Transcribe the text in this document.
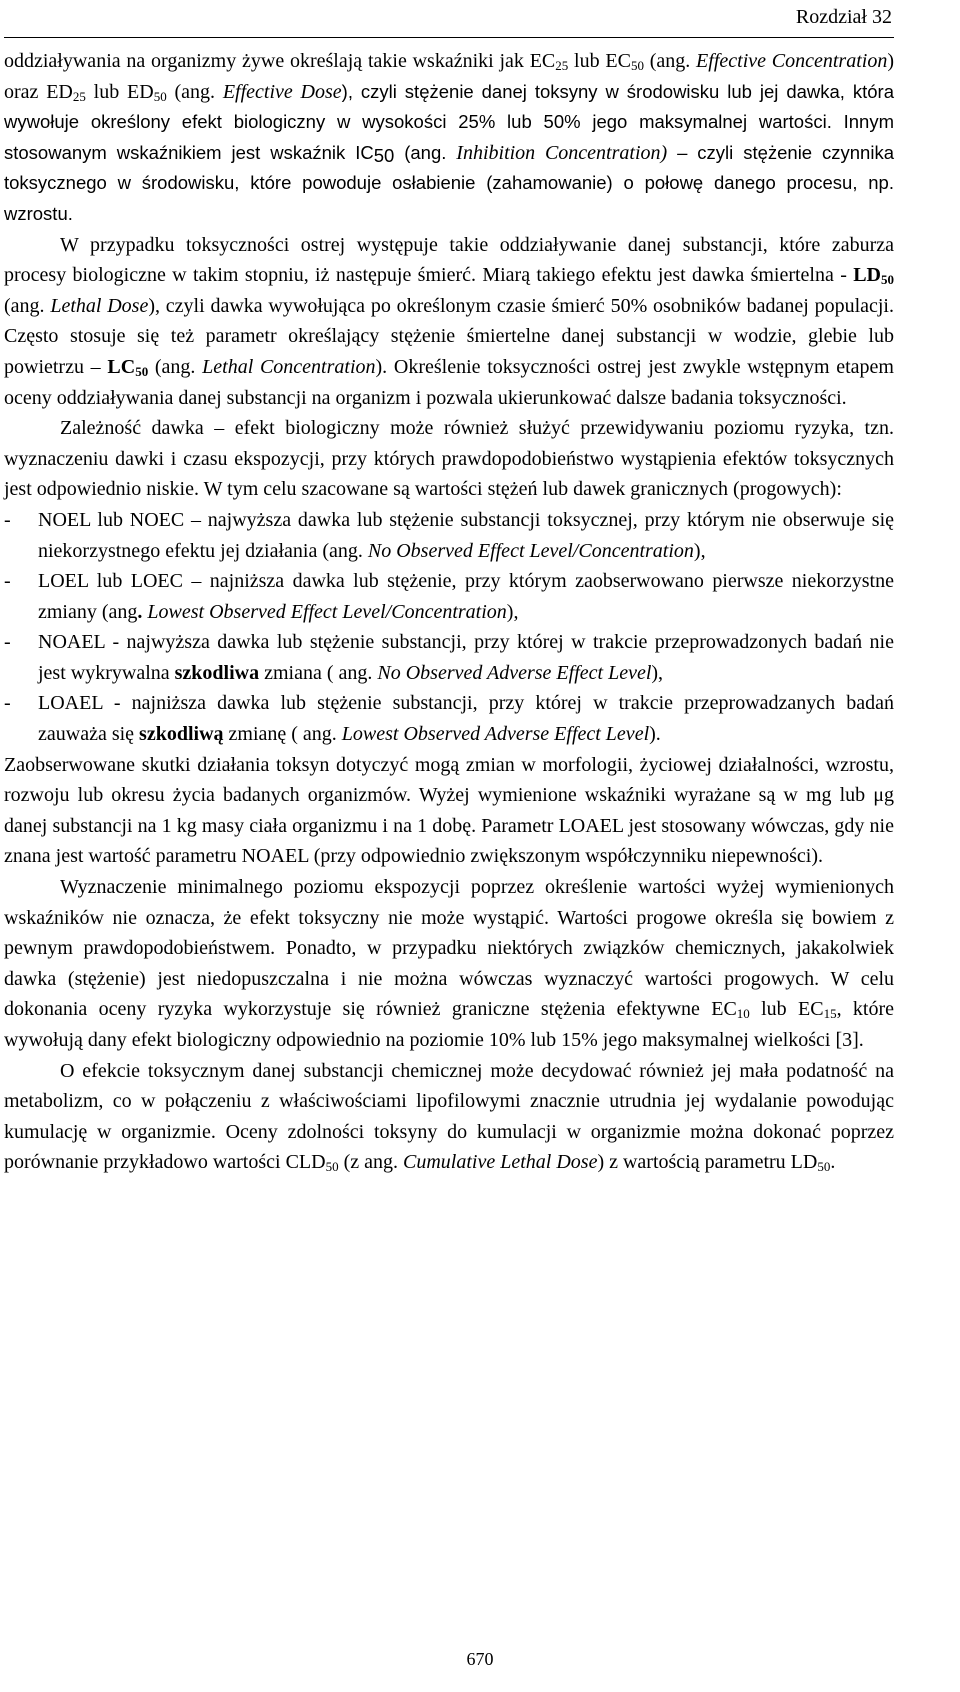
Rozdział 32

oddziaływania na organizmy żywe określają takie wskaźniki jak $EC_{25}$ lub $EC_{50}$ (ang. Effective Concentration) oraz $ED_{25}$ lub $ED_{50}$ (ang. Effective Dose), czyli stężenie danej toksyny w środowisku lub jej dawka, która wywołuje określony efekt biologiczny w wysokości 25% lub 50% jego maksymalnej wartości. Innym stosowanym wskaźnikiem jest wskaźnik $IC_{50}$ (ang. Inhibition Concentration) – czyli stężenie czynnika toksycznego w środowisku, które powoduje osłabienie (zahamowanie) o połowę danego procesu, np. wzrostu.

W przypadku toksyczności ostrej występuje takie oddziaływanie danej substancji, które zaburza procesy biologiczne w takim stopniu, iż następuje śmierć. Miarą takiego efektu jest dawka śmiertelna - $LD_{50}$ (ang. Lethal Dose), czyli dawka wywołująca po określonym czasie śmierć 50% osobników badanej populacji. Często stosuje się też parametr określający stężenie śmiertelne danej substancji w wodzie, glebie lub powietrzu – $LC_{50}$ (ang. Lethal Concentration). Określenie toksyczności ostrej jest zwykle wstępnym etapem oceny oddziaływania danej substancji na organizm i pozwala ukierunkować dalsze badania toksyczności.

Zależność dawka – efekt biologiczny może również służyć przewidywaniu poziomu ryzyka, tzn. wyznaczeniu dawki i czasu ekspozycji, przy których prawdopodobieństwo wystąpienia efektów toksycznych jest odpowiednio niskie. W tym celu szacowane są wartości stężeń lub dawek granicznych (progowych):

- NOEL lub NOEC – najwyższa dawka lub stężenie substancji toksycznej, przy którym nie obserwuje się niekorzystnego efektu jej działania (ang. No Observed Effect Level/Concentration),
- LOEL lub LOEC – najniższa dawka lub stężenie, przy którym zaobserwowano pierwsze niekorzystne zmiany (ang. Lowest Observed Effect Level/Concentration),
- NOAEL - najwyższa dawka lub stężenie substancji, przy której w trakcie przeprowadzonych badań nie jest wykrywalna szkodliwa zmiana ( ang. No Observed Adverse Effect Level),
- LOAEL - najniższa dawka lub stężenie substancji, przy której w trakcie przeprowadzanych badań zauważa się szkodliwą zmianę ( ang. Lowest Observed Adverse Effect Level).

Zaobserwowane skutki działania toksyn dotyczyć mogą zmian w morfologii, życiowej działalności, wzrostu, rozwoju lub okresu życia badanych organizmów. Wyżej wymienione wskaźniki wyrażane są w mg lub μg danej substancji na 1 kg masy ciała organizmu i na 1 dobę. Parametr LOAEL jest stosowany wówczas, gdy nie znana jest wartość parametru NOAEL (przy odpowiednio zwiększonym współczynniku niepewności).

Wyznaczenie minimalnego poziomu ekspozycji poprzez określenie wartości wyżej wymienionych wskaźników nie oznacza, że efekt toksyczny nie może wystąpić. Wartości progowe określa się bowiem z pewnym prawdopodobieństwem. Ponadto, w przypadku niektórych związków chemicznych, jakakolwiek dawka (stężenie) jest niedopuszczalna i nie można wówczas wyznaczyć wartości progowych. W celu dokonania oceny ryzyka wykorzystuje się również graniczne stężenia efektywne $EC_{10}$ lub $EC_{15}$, które wywołują dany efekt biologiczny odpowiednio na poziomie 10% lub 15% jego maksymalnej wielkości [3].

O efekcie toksycznym danej substancji chemicznej może decydować również jej mała podatność na metabolizm, co w połączeniu z właściwościami lipofilowymi znacznie utrudnia jej wydalanie powodując kumulację w organizmie. Oceny zdolności toksyny do kumulacji w organizmie można dokonać poprzez porównanie przykładowo wartości $CLD_{50}$ (z ang. Cumulative Lethal Dose) z wartością parametru $LD_{50}$.

670
